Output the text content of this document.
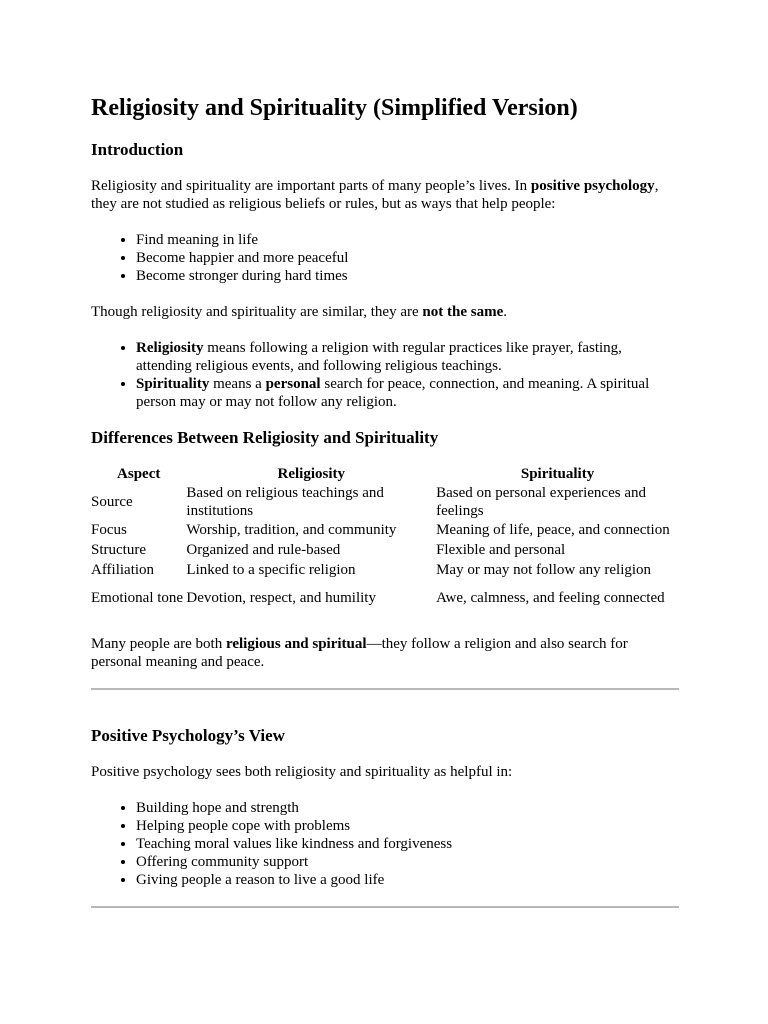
Religiosity and Spirituality (Simplified Version)
Introduction

Religiosity and spirituality are important parts of many people’s lives. In positive psychology, they are not studied as religious beliefs or rules, but as ways that help people:

• Find meaning in life
• Become happier and more peaceful
• Become stronger during hard times

Though religiosity and spirituality are similar, they are not the same.

• Religiosity means following a religion with regular practices like prayer, fasting, attending religious events, and following religious teachings.
• Spirituality means a personal search for peace, connection, and meaning. A spiritual person may or may not follow any religion.
Differences Between Religiosity and Spirituality
Aspect	Religiosity	Spirituality
Source	Based on religious teachings and institutions	Based on personal experiences and feelings
Focus	Worship, tradition, and community	Meaning of life, peace, and connection
Structure	Organized and rule-based	Flexible and personal
Affiliation	Linked to a specific religion	May or may not follow any religion
Emotional tone	Devotion, respect, and humility	Awe, calmness, and feeling connected

Many people are both religious and spiritual—they follow a religion and also search for personal meaning and peace.

Positive Psychology’s View

Positive psychology sees both religiosity and spirituality as helpful in:

• Building hope and strength
• Helping people cope with problems
• Teaching moral values like kindness and forgiveness
• Offering community support
• Giving people a reason to live a good life
